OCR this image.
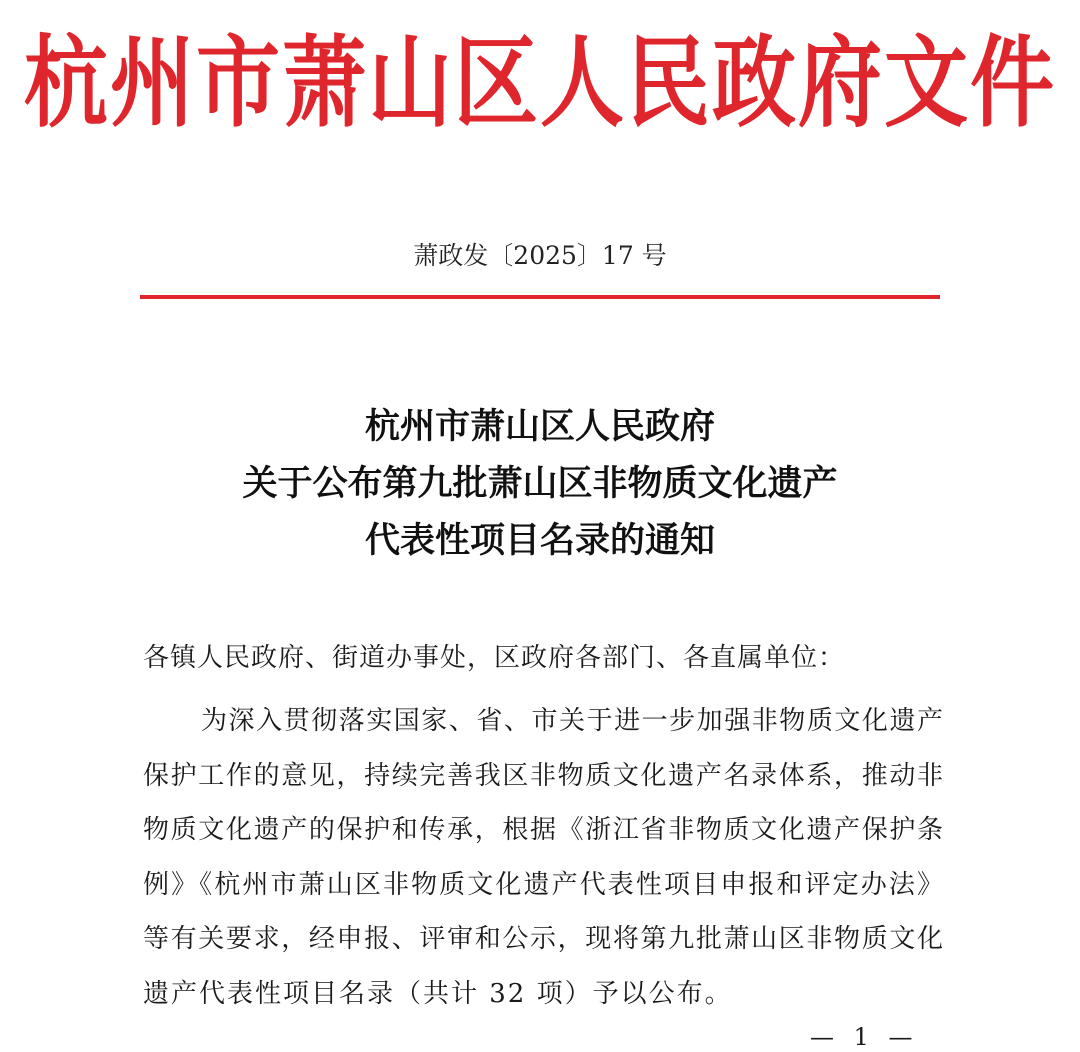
杭州市萧山区人民政府文件
萧政发〔2025〕17 号
杭州市萧山区人民政府
关于公布第九批萧山区非物质文化遗产
代表性项目名录的通知
各镇人民政府、街道办事处，区政府各部门、各直属单位：
为深入贯彻落实国家、省、市关于进一步加强非物质文化遗产
保护工作的意见，持续完善我区非物质文化遗产名录体系，推动非
物质文化遗产的保护和传承，根据《浙江省非物质文化遗产保护条
例》《杭州市萧山区非物质文化遗产代表性项目申报和评定办法》
等有关要求，经申报、评审和公示，现将第九批萧山区非物质文化
遗产代表性项目名录（共计 32 项）予以公布。
— 1 —
